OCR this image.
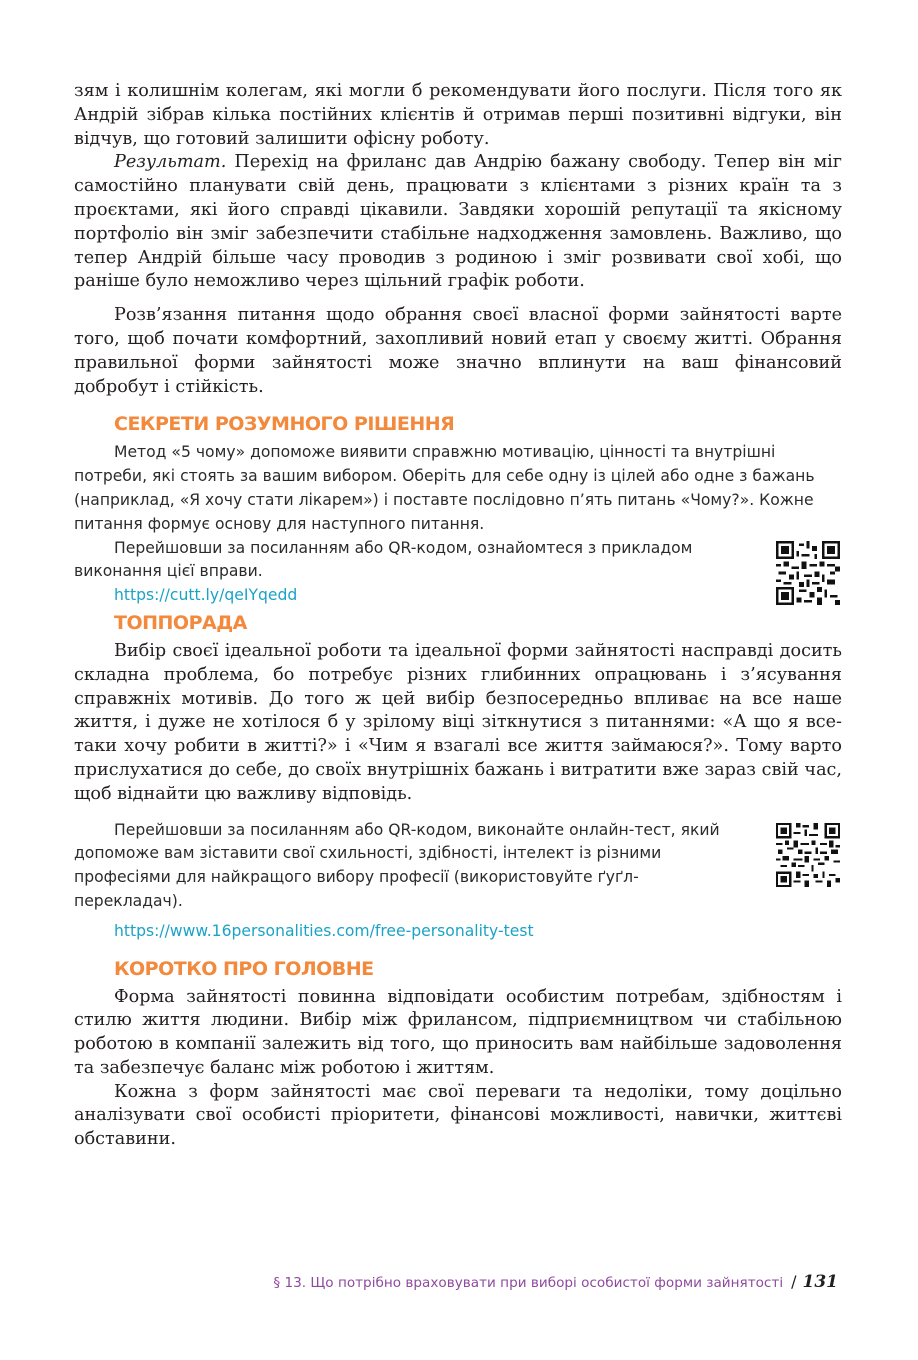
зям і колишнім колегам, які могли б рекомендувати його послуги. Після того як Андрій зібрав кілька постійних клієнтів й отримав перші позитивні відгуки, він відчув, що готовий залишити офісну роботу.

Результат. Перехід на фриланс дав Андрію бажану свободу. Тепер він міг самостійно планувати свій день, працювати з клієнтами з різних країн та з проєктами, які його справді цікавили. Завдяки хорошій репутації та якісному портфоліо він зміг забезпечити стабільне надходження замовлень. Важливо, що тепер Андрій більше часу проводив з родиною і зміг розвивати свої хобі, що раніше було неможливо через щільний графік роботи.

Розв’язання питання щодо обрання своєї власної форми зайнятості варте того, щоб почати комфортний, захопливий новий етап у своєму житті. Обрання правильної форми зайнятості може значно вплинути на ваш фінансовий добробут і стійкість.

СЕКРЕТИ РОЗУМНОГО РІШЕННЯ

Метод «5 чому» допоможе виявити справжню мотивацію, цінності та внутрішні потреби, які стоять за вашим вибором. Оберіть для себе одну із цілей або одне з бажань (наприклад, «Я хочу стати лікарем») і поставте послідовно п’ять питань «Чому?». Кожне питання формує основу для наступного питання.

Перейшовши за посиланням або QR-кодом, ознайомтеся з прикладом виконання цієї вправи.

https://cutt.ly/qeIYqedd
ТОППОРАДА

Вибір своєї ідеальної роботи та ідеальної форми зайнятості насправді досить складна проблема, бо потребує різних глибинних опрацювань і з’ясування справжніх мотивів. До того ж цей вибір безпосередньо впливає на все наше життя, і дуже не хотілося б у зрілому віці зіткнутися з питаннями: «А що я все-таки хочу робити в житті?» і «Чим я взагалі все життя займаюся?». Тому варто прислухатися до себе, до своїх внутрішніх бажань і витратити вже зараз свій час, щоб віднайти цю важливу відповідь.

Перейшовши за посиланням або QR-кодом, виконайте онлайн-тест, який допоможе вам зіставити свої схильності, здібності, інтелект із різними професіями для найкращого вибору професії (використовуйте ґуґл-перекладач).

https://www.16personalities.com/free-personality-test
КОРОТКО ПРО ГОЛОВНЕ

Форма зайнятості повинна відповідати особистим потребам, здібностям і стилю життя людини. Вибір між фрилансом, підприємництвом чи стабільною роботою в компанії залежить від того, що приносить вам найбільше задоволення та забезпечує баланс між роботою і життям.

Кожна з форм зайнятості має свої переваги та недоліки, тому доцільно аналізувати свої особисті пріоритети, фінансові можливості, навички, життєві обставини.

§ 13. Що потрібно враховувати при виборі особистої форми зайнятості / 131
